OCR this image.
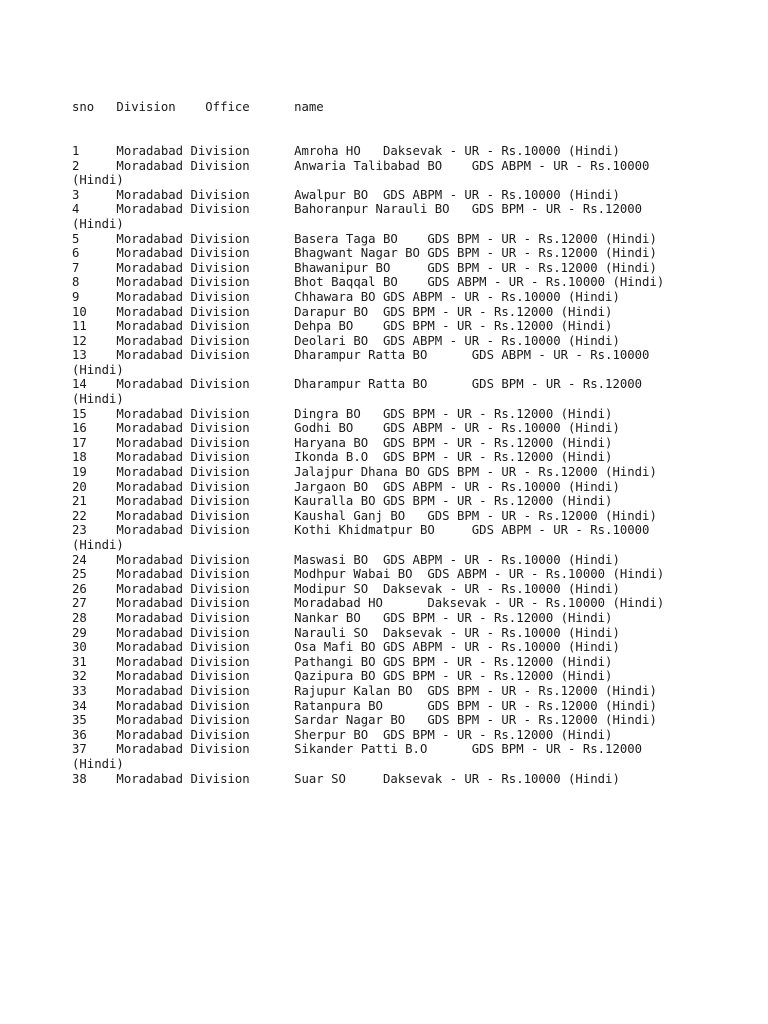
sno   Division    Office      name

1     Moradabad Division      Amroha HO   Daksevak - UR - Rs.10000 (Hindi)
2     Moradabad Division      Anwaria Talibabad BO    GDS ABPM - UR - Rs.10000
(Hindi)
3     Moradabad Division      Awalpur BO  GDS ABPM - UR - Rs.10000 (Hindi)
4     Moradabad Division      Bahoranpur Narauli BO   GDS BPM - UR - Rs.12000
(Hindi)
5     Moradabad Division      Basera Taga BO    GDS BPM - UR - Rs.12000 (Hindi)
6     Moradabad Division      Bhagwant Nagar BO GDS BPM - UR - Rs.12000 (Hindi)
7     Moradabad Division      Bhawanipur BO     GDS BPM - UR - Rs.12000 (Hindi)
8     Moradabad Division      Bhot Baqqal BO    GDS ABPM - UR - Rs.10000 (Hindi)
9     Moradabad Division      Chhawara BO GDS ABPM - UR - Rs.10000 (Hindi)
10    Moradabad Division      Darapur BO  GDS BPM - UR - Rs.12000 (Hindi)
11    Moradabad Division      Dehpa BO    GDS BPM - UR - Rs.12000 (Hindi)
12    Moradabad Division      Deolari BO  GDS ABPM - UR - Rs.10000 (Hindi)
13    Moradabad Division      Dharampur Ratta BO      GDS ABPM - UR - Rs.10000
(Hindi)
14    Moradabad Division      Dharampur Ratta BO      GDS BPM - UR - Rs.12000
(Hindi)
15    Moradabad Division      Dingra BO   GDS BPM - UR - Rs.12000 (Hindi)
16    Moradabad Division      Godhi BO    GDS ABPM - UR - Rs.10000 (Hindi)
17    Moradabad Division      Haryana BO  GDS BPM - UR - Rs.12000 (Hindi)
18    Moradabad Division      Ikonda B.O  GDS BPM - UR - Rs.12000 (Hindi)
19    Moradabad Division      Jalajpur Dhana BO GDS BPM - UR - Rs.12000 (Hindi)
20    Moradabad Division      Jargaon BO  GDS ABPM - UR - Rs.10000 (Hindi)
21    Moradabad Division      Kauralla BO GDS BPM - UR - Rs.12000 (Hindi)
22    Moradabad Division      Kaushal Ganj BO   GDS BPM - UR - Rs.12000 (Hindi)
23    Moradabad Division      Kothi Khidmatpur BO     GDS ABPM - UR - Rs.10000
(Hindi)
24    Moradabad Division      Maswasi BO  GDS ABPM - UR - Rs.10000 (Hindi)
25    Moradabad Division      Modhpur Wabai BO  GDS ABPM - UR - Rs.10000 (Hindi)
26    Moradabad Division      Modipur SO  Daksevak - UR - Rs.10000 (Hindi)
27    Moradabad Division      Moradabad HO      Daksevak - UR - Rs.10000 (Hindi)
28    Moradabad Division      Nankar BO   GDS BPM - UR - Rs.12000 (Hindi)
29    Moradabad Division      Narauli SO  Daksevak - UR - Rs.10000 (Hindi)
30    Moradabad Division      Osa Mafi BO GDS ABPM - UR - Rs.10000 (Hindi)
31    Moradabad Division      Pathangi BO GDS BPM - UR - Rs.12000 (Hindi)
32    Moradabad Division      Qazipura BO GDS BPM - UR - Rs.12000 (Hindi)
33    Moradabad Division      Rajupur Kalan BO  GDS BPM - UR - Rs.12000 (Hindi)
34    Moradabad Division      Ratanpura BO      GDS BPM - UR - Rs.12000 (Hindi)
35    Moradabad Division      Sardar Nagar BO   GDS BPM - UR - Rs.12000 (Hindi)
36    Moradabad Division      Sherpur BO  GDS BPM - UR - Rs.12000 (Hindi)
37    Moradabad Division      Sikander Patti B.O      GDS BPM - UR - Rs.12000
(Hindi)
38    Moradabad Division      Suar SO     Daksevak - UR - Rs.10000 (Hindi)
